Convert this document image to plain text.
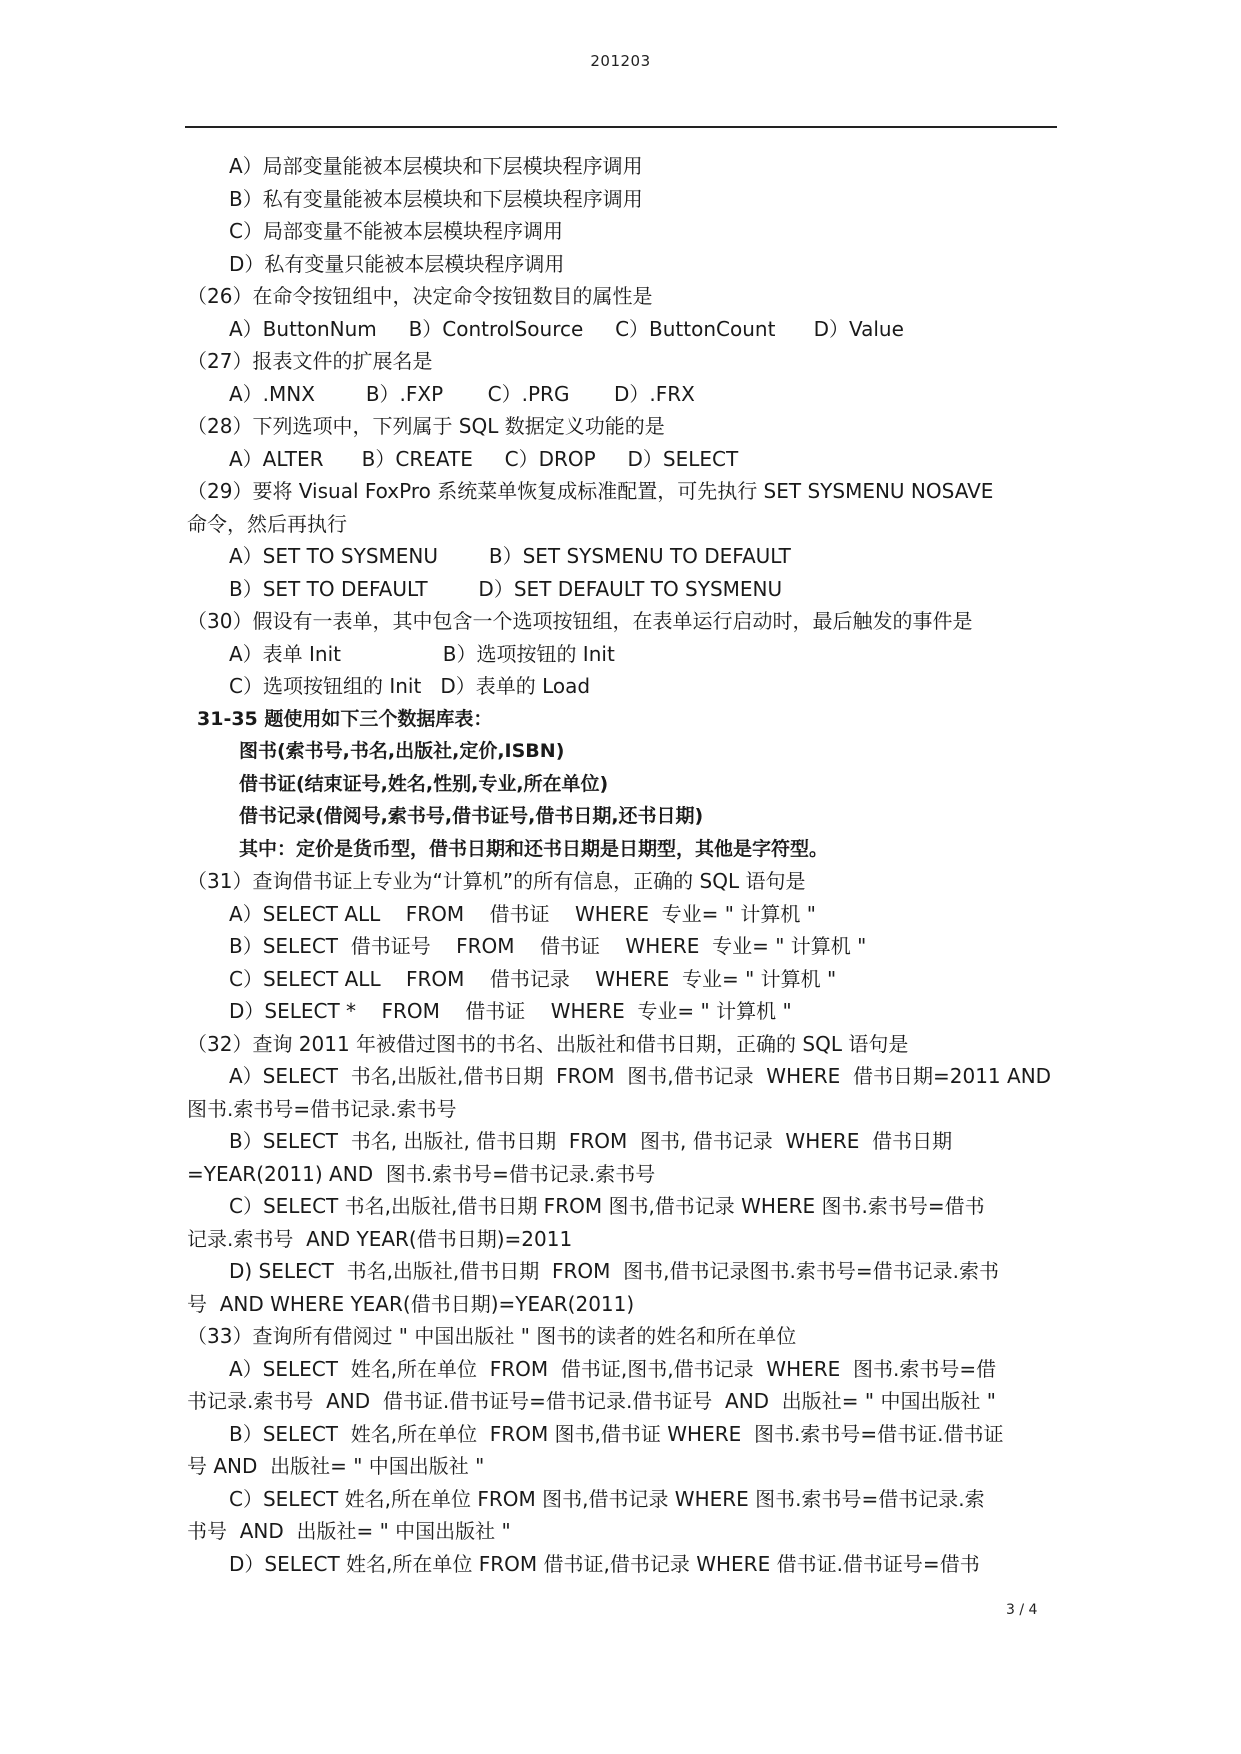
201203
A）局部变量能被本层模块和下层模块程序调用
B）私有变量能被本层模块和下层模块程序调用
C）局部变量不能被本层模块程序调用
D）私有变量只能被本层模块程序调用
（26）在命令按钮组中，决定命令按钮数目的属性是
A）ButtonNum     B）ControlSource     C）ButtonCount      D）Value
（27）报表文件的扩展名是
A）.MNX        B）.FXP       C）.PRG       D）.FRX
（28）下列选项中，下列属于 SQL 数据定义功能的是
A）ALTER      B）CREATE     C）DROP     D）SELECT
（29）要将 Visual FoxPro 系统菜单恢复成标准配置，可先执行 SET SYSMENU NOSAVE
命令，然后再执行
A）SET TO SYSMENU        B）SET SYSMENU TO DEFAULT
B）SET TO DEFAULT        D）SET DEFAULT TO SYSMENU
（30）假设有一表单，其中包含一个选项按钮组，在表单运行启动时，最后触发的事件是
A）表单 Init                B）选项按钮的 Init
C）选项按钮组的 Init   D）表单的 Load
31-35 题使用如下三个数据库表：
图书(索书号,书名,出版社,定价,ISBN)
借书证(结束证号,姓名,性别,专业,所在单位)
借书记录(借阅号,索书号,借书证号,借书日期,还书日期)
其中：定价是货币型，借书日期和还书日期是日期型，其他是字符型。
（31）查询借书证上专业为“计算机”的所有信息，正确的 SQL 语句是
A）SELECT ALL    FROM    借书证    WHERE  专业= " 计算机 "
B）SELECT  借书证号    FROM    借书证    WHERE  专业= " 计算机 "
C）SELECT ALL    FROM    借书记录    WHERE  专业= " 计算机 "
D）SELECT *    FROM    借书证    WHERE  专业= " 计算机 "
（32）查询 2011 年被借过图书的书名、出版社和借书日期，正确的 SQL 语句是
A）SELECT  书名,出版社,借书日期  FROM  图书,借书记录  WHERE  借书日期=2011 AND
图书.索书号=借书记录.索书号
B）SELECT  书名, 出版社, 借书日期  FROM  图书, 借书记录  WHERE  借书日期
=YEAR(2011) AND  图书.索书号=借书记录.索书号
C）SELECT 书名,出版社,借书日期 FROM 图书,借书记录 WHERE 图书.索书号=借书
记录.索书号  AND YEAR(借书日期)=2011
D) SELECT  书名,出版社,借书日期  FROM  图书,借书记录图书.索书号=借书记录.索书
号  AND WHERE YEAR(借书日期)=YEAR(2011)
（33）查询所有借阅过 " 中国出版社 " 图书的读者的姓名和所在单位
A）SELECT  姓名,所在单位  FROM  借书证,图书,借书记录  WHERE  图书.索书号=借
书记录.索书号  AND  借书证.借书证号=借书记录.借书证号  AND  出版社= " 中国出版社 "
B）SELECT  姓名,所在单位  FROM 图书,借书证 WHERE  图书.索书号=借书证.借书证
号 AND  出版社= " 中国出版社 "
C）SELECT 姓名,所在单位 FROM 图书,借书记录 WHERE 图书.索书号=借书记录.索
书号  AND  出版社= " 中国出版社 "
D）SELECT 姓名,所在单位 FROM 借书证,借书记录 WHERE 借书证.借书证号=借书
3 / 4
